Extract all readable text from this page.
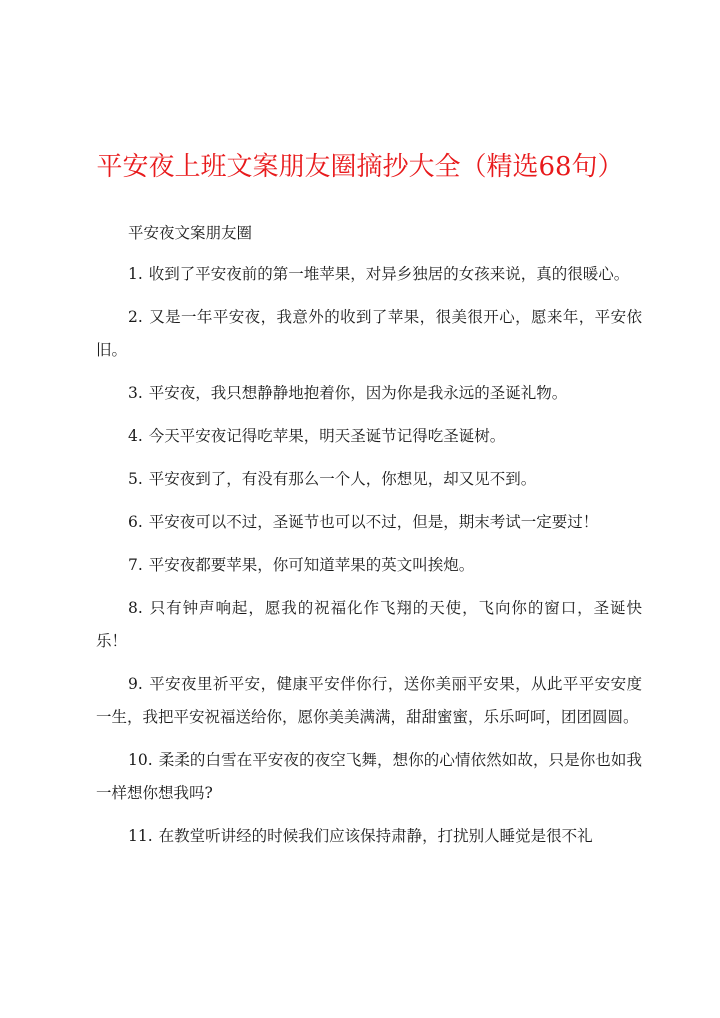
平安夜上班文案朋友圈摘抄大全（精选68句）
平安夜文案朋友圈

1. 收到了平安夜前的第一堆苹果，对异乡独居的女孩来说，真的很暖心。

2. 又是一年平安夜，我意外的收到了苹果，很美很开心，愿来年，平安依旧。

3. 平安夜，我只想静静地抱着你，因为你是我永远的圣诞礼物。

4. 今天平安夜记得吃苹果，明天圣诞节记得吃圣诞树。

5. 平安夜到了，有没有那么一个人，你想见，却又见不到。

6. 平安夜可以不过，圣诞节也可以不过，但是，期末考试一定要过！

7. 平安夜都要苹果，你可知道苹果的英文叫挨炮。

8. 只有钟声响起，愿我的祝福化作飞翔的天使，飞向你的窗口，圣诞快乐！

9. 平安夜里祈平安，健康平安伴你行，送你美丽平安果，从此平平安安度一生，我把平安祝福送给你，愿你美美满满，甜甜蜜蜜，乐乐呵呵，团团圆圆。

10. 柔柔的白雪在平安夜的夜空飞舞，想你的心情依然如故，只是你也如我一样想你想我吗?

11. 在教堂听讲经的时候我们应该保持肃静，打扰别人睡觉是很不礼
